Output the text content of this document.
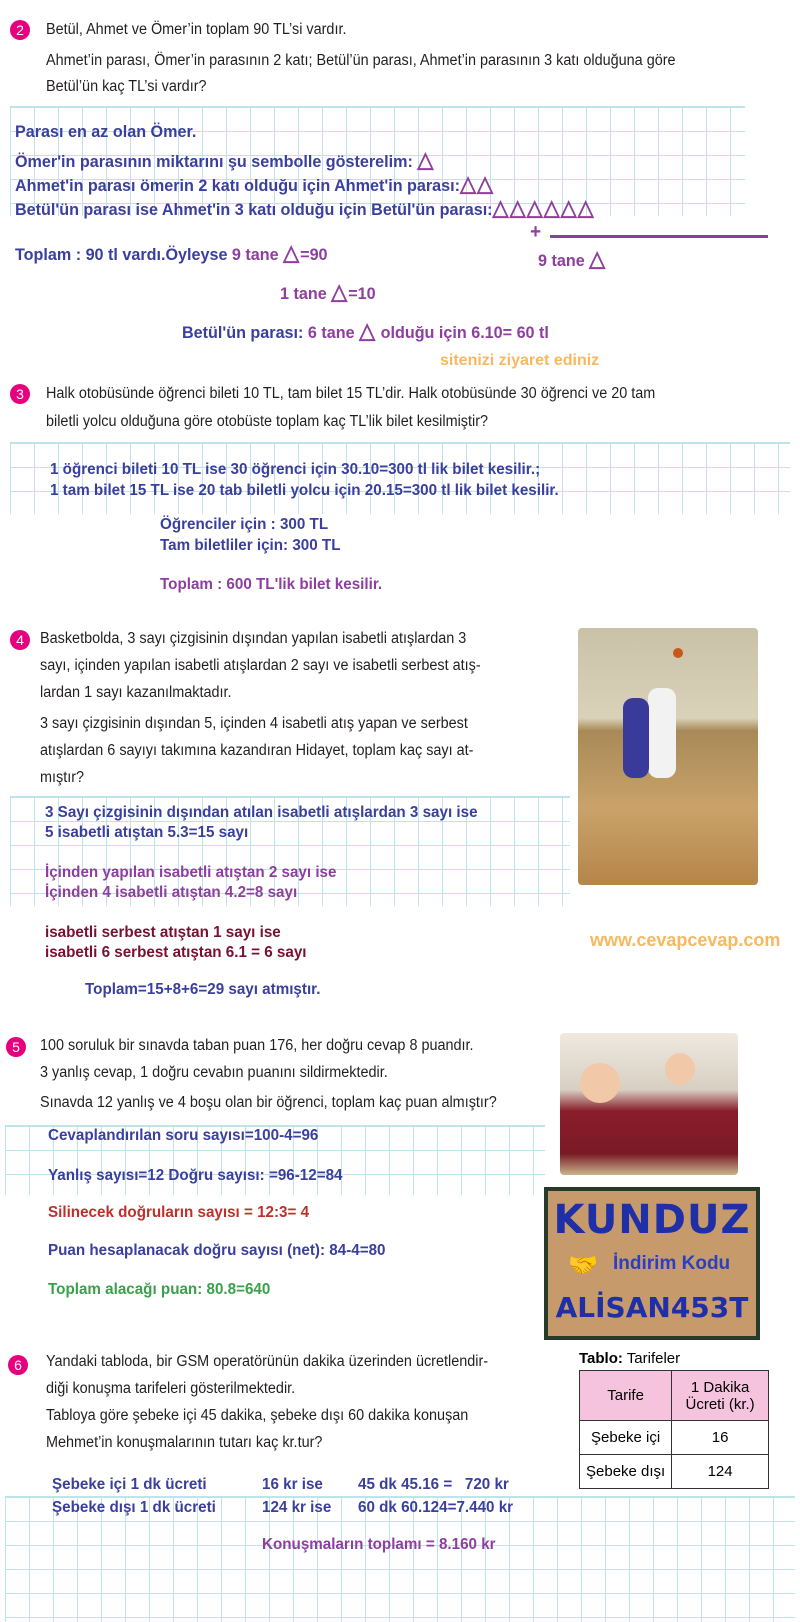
2	Betül, Ahmet ve Ömer’in toplam 90 TL’si vardır.
Ahmet’in parası, Ömer’in parasının 2 katı; Betül’ün parası, Ahmet’in parasının 3 katı olduğuna göre
Betül’ün kaç TL’si vardır?
Parası en az olan Ömer.
Ömer'in parasının miktarını şu sembolle gösterelim: △
Ahmet'in parası ömerin 2 katı olduğu için Ahmet'in parası:△△
Betül'ün parası ise Ahmet'in 3 katı olduğu için Betül'ün parası:△△△△△△
+
9 tane △
Toplam : 90 tl vardı.Öyleyse 9 tane △=90
1 tane △=10
Betül'ün parası: 6 tane △ olduğu için 6.10= 60 tl
sitenizi ziyaret ediniz
3	Halk otobüsünde öğrenci bileti 10 TL, tam bilet 15 TL’dir. Halk otobüsünde 30 öğrenci ve 20 tam
biletli yolcu olduğuna göre otobüste toplam kaç TL’lik bilet kesilmiştir?
1 öğrenci bileti 10 TL ise 30 öğrenci için 30.10=300 tl lik bilet kesilir.;
1 tam bilet 15 TL ise 20 tab biletli yolcu için 20.15=300 tl lik bilet kesilir.
Öğrenciler için : 300 TL
Tam biletliler için: 300 TL
Toplam : 600 TL'lik bilet kesilir.
4	Basketbolda, 3 sayı çizgisinin dışından yapılan isabetli atışlardan 3
sayı, içinden yapılan isabetli atışlardan 2 sayı ve isabetli serbest atış-
lardan 1 sayı kazanılmaktadır.
3 sayı çizgisinin dışından 5, içinden 4 isabetli atış yapan ve serbest
atışlardan 6 sayıyı takımına kazandıran Hidayet, toplam kaç sayı at-
mıştır?
www.cevapcevap.com
3 Sayı çizgisinin dışından atılan isabetli atışlardan 3 sayı ise
5 isabetli atıştan 5.3=15 sayı
İçinden yapılan isabetli atıştan 2 sayı ise
İçinden 4 isabetli atıştan 4.2=8 sayı
isabetli serbest atıştan 1 sayı ise
isabetli 6 serbest atıştan 6.1 = 6 sayı
Toplam=15+8+6=29 sayı atmıştır.
5	100 soruluk bir sınavda taban puan 176, her doğru cevap 8 puandır.
3 yanlış cevap, 1 doğru cevabın puanını sildirmektedir.
Sınavda 12 yanlış ve 4 boşu olan bir öğrenci, toplam kaç puan almıştır?
Cevaplandırılan soru sayısı=100-4=96
Yanlış sayısı=12 Doğru sayısı: =96-12=84
Silinecek doğruların sayısı = 12:3= 4
Puan hesaplanacak doğru sayısı (net): 84-4=80
Toplam alacağı puan: 80.8=640
KUNDUZ
🤝 İndirim Kodu
ALİSAN453T
6	Yandaki tabloda, bir GSM operatörünün dakika üzerinden ücretlendir-
diği konuşma tarifeleri gösterilmektedir.
Tabloya göre şebeke içi 45 dakika, şebeke dışı 60 dakika konuşan
Mehmet’in konuşmalarının tutarı kaç kr.tur?
Tablo: Tarifeler
Tarife	1 Dakika Ücreti (kr.)
Şebeke içi	16
Şebeke dışı	124
Şebeke içi 1 dk ücreti	16 kr ise 45 dk 45.16 =   720 kr
Şebeke dışı 1 dk ücreti	124 kr ise 60 dk 60.124=7.440 kr
Konuşmaların toplamı = 8.160 kr
